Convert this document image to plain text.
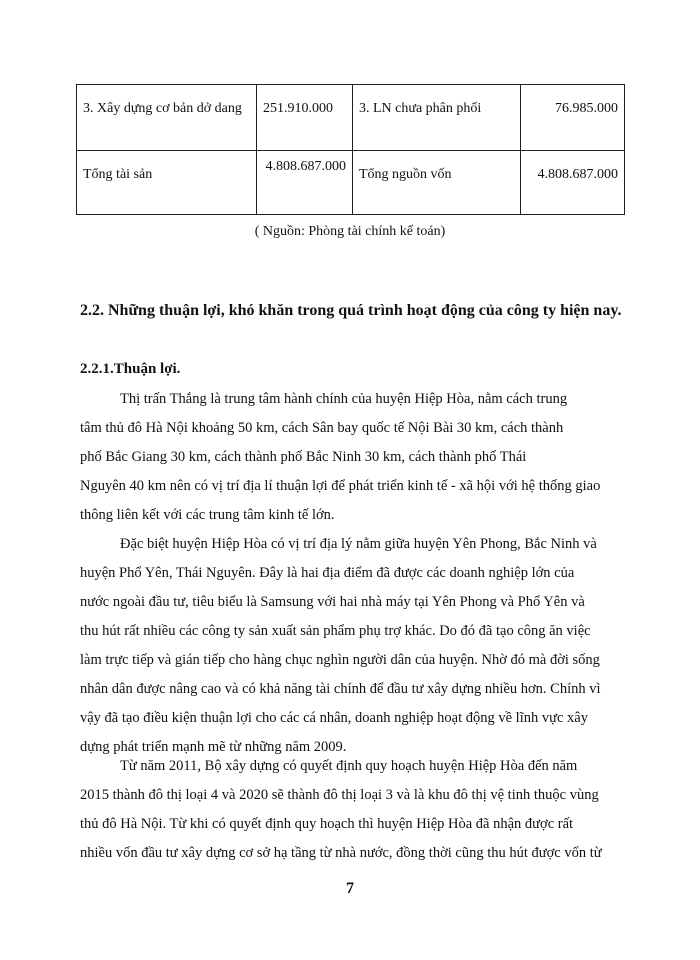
3. Xây dựng cơ bản dở dang	251.910.000	3. LN chưa phân phối	76.985.000
Tổng tài sản	4.808.687.000	Tổng nguồn vốn	4.808.687.000
( Nguồn: Phòng tài chính kế toán)
2.2. Những thuận lợi, khó khăn trong quá trình hoạt động của công ty hiện nay.
2.2.1.Thuận lợi.
Thị trấn Thắng là trung tâm hành chính của huyện Hiệp Hòa, nằm cách trung
tâm thủ đô Hà Nội khoảng 50 km, cách Sân bay quốc tế Nội Bài 30 km, cách thành
phố Bắc Giang 30 km, cách thành phố Bắc Ninh 30 km, cách thành phố Thái
Nguyên 40 km nên có vị trí địa lí thuận lợi để phát triển kinh tế - xã hội với hệ thống giao
thông liên kết với các trung tâm kinh tế lớn.
Đặc biệt huyện Hiệp Hòa có vị trí địa lý nằm giữa huyện Yên Phong, Bắc Ninh và
huyện Phổ Yên, Thái Nguyên. Đây là hai địa điểm đã được các doanh nghiệp lớn của
nước ngoài đầu tư, tiêu biểu là Samsung với hai nhà máy tại Yên Phong và Phổ Yên và
thu hút rất nhiều các công ty sản xuất sản phẩm phụ trợ khác. Do đó đã tạo công ăn việc
làm trực tiếp và gián tiếp cho hàng chục nghìn người dân của huyện. Nhờ đó mà đời sống
nhân dân được nâng cao và có khả năng tài chính để đầu tư xây dựng nhiều hơn. Chính vì
vậy đã tạo điều kiện thuận lợi cho các cá nhân, doanh nghiệp hoạt động về lĩnh vực xây
dựng phát triển mạnh mẽ từ những năm 2009.
Từ năm 2011, Bộ xây dựng có quyết định quy hoạch huyện Hiệp Hòa đến năm
2015 thành đô thị loại 4 và 2020 sẽ thành đô thị loại 3 và là khu đô thị vệ tinh thuộc vùng
thủ đô Hà Nội. Từ khi có quyết định quy hoạch thì huyện Hiệp Hòa đã nhận được rất
nhiều vốn đầu tư xây dựng cơ sở hạ tầng từ nhà nước, đồng thời cũng thu hút được vốn từ
7
